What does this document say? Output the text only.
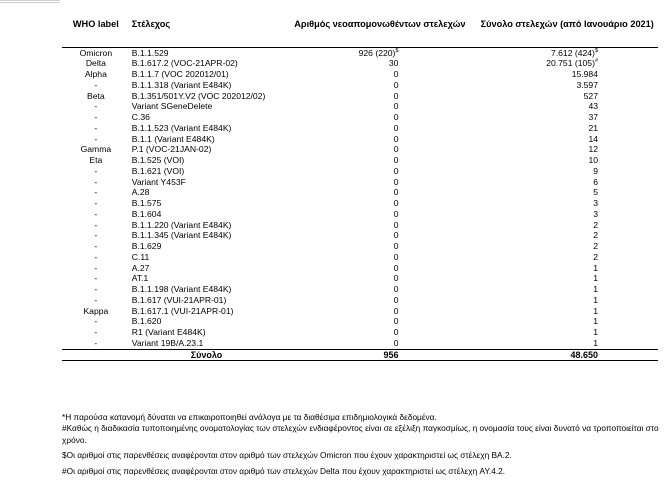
WHO label	Στέλεχος	Αριθμός νεοαπομονωθέντων στελεχών	Σύνολο στελεχών (από Ιανουάριο 2021)
Omicron	B.1.1.529	926 (220)$	7.612 (424)$
Delta	B.1.617.2 (VOC-21APR-02)	30	20.751 (105)#
Alpha	B.1.1.7 (VOC 202012/01)	0	15.984
-	B.1.1.318 (Variant E484K)	0	3.597
Beta	B.1.351/501Y.V2 (VOC 202012/02)	0	527
-	Variant SGeneDelete	0	43
-	C.36	0	37
-	B.1.1.523 (Variant E484K)	0	21
-	B.1.1 (Variant E484K)	0	14
Gamma	P.1 (VOC-21JAN-02)	0	12
Eta	B.1.525 (VOI)	0	10
-	B.1.621 (VOI)	0	9
-	Variant Y453F	0	6
-	A.28	0	5
-	B.1.575	0	3
-	B.1.604	0	3
-	B.1.1.220 (Variant E484K)	0	2
-	B.1.1.345 (Variant E484K)	0	2
-	B.1.629	0	2
-	C.11	0	2
-	A.27	0	1
-	AT.1	0	1
-	B.1.1.198 (Variant E484K)	0	1
-	B.1.617 (VUI-21APR-01)	0	1
Kappa	B.1.617.1 (VUI-21APR-01)	0	1
-	B.1.620	0	1
-	R1 (Variant E484K)	0	1
-	Variant 19B/A.23.1	0	1
	Σύνολο	956	48.650

*Η παρούσα κατανομή δύναται να επικαιροποιηθεί ανάλογα με τα διαθέσιμα επιδημιολογικά δεδομένα.

#Καθώς η διαδικασία τυποποιημένης ονοματολογίας των στελεχών ενδιαφέροντος είναι σε εξέλιξη παγκοσμίως, η ονομασία τους είναι δυνατό να τροποποιείται στο χρόνο.

$Οι αριθμοί στις παρενθέσεις αναφέρονται στον αριθμό των στελεχών Omicron που έχουν χαρακτηριστεί ως στέλεχη BA.2.

#Οι αριθμοί στις παρενθέσεις αναφέρονται στον αριθμό των στελεχών Delta που έχουν χαρακτηριστεί ως στέλεχη AY.4.2.
